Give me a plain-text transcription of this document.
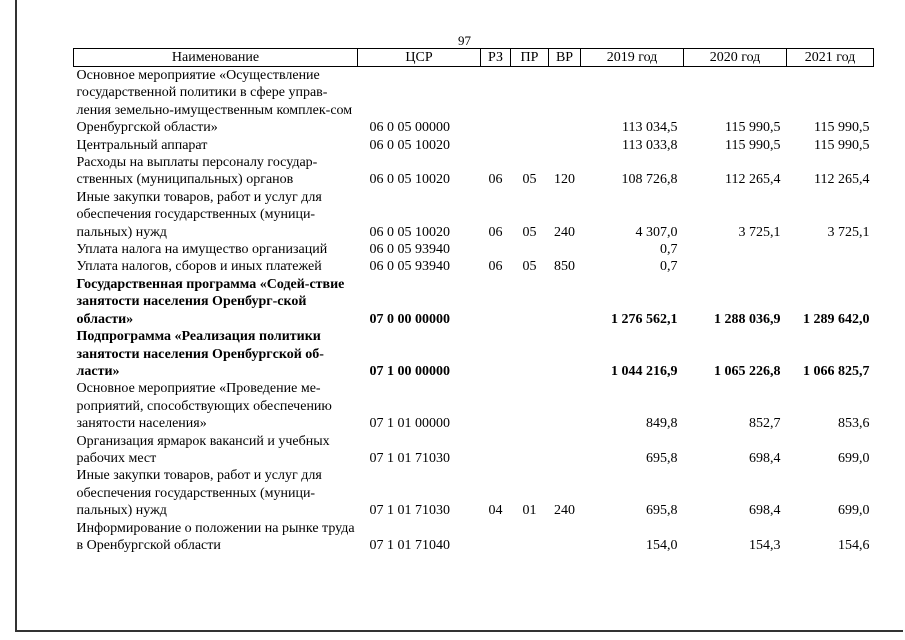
97
Наименование	ЦСР	РЗ	ПР	ВР	2019 год	2020 год	2021 год
Основное мероприятие «Осуществление государственной политики в сфере управ-ления земельно-имущественным комплек-сом Оренбургской области»	06 0 05 00000				113 034,5	115 990,5	115 990,5
Центральный аппарат	06 0 05 10020				113 033,8	115 990,5	115 990,5
Расходы на выплаты персоналу государ-ственных (муниципальных) органов	06 0 05 10020	06	05	120	108 726,8	112 265,4	112 265,4
Иные закупки товаров, работ и услуг для обеспечения государственных (муници-пальных) нужд	06 0 05 10020	06	05	240	4 307,0	3 725,1	3 725,1
Уплата налога на имущество организаций	06 0 05 93940				0,7		
Уплата налогов, сборов и иных платежей	06 0 05 93940	06	05	850	0,7		
Государственная программа «Содей-ствие занятости населения Оренбург-ской области»	07 0 00 00000				1 276 562,1	1 288 036,9	1 289 642,0
Подпрограмма «Реализация политики занятости населения Оренбургской об-ласти»	07 1 00 00000				1 044 216,9	1 065 226,8	1 066 825,7
Основное мероприятие «Проведение ме-роприятий, способствующих обеспечению занятости населения»	07 1 01 00000				849,8	852,7	853,6
Организация ярмарок вакансий и учебных рабочих мест	07 1 01 71030				695,8	698,4	699,0
Иные закупки товаров, работ и услуг для обеспечения государственных (муници-пальных) нужд	07 1 01 71030	04	01	240	695,8	698,4	699,0
Информирование о положении на рынке труда в Оренбургской области	07 1 01 71040				154,0	154,3	154,6
